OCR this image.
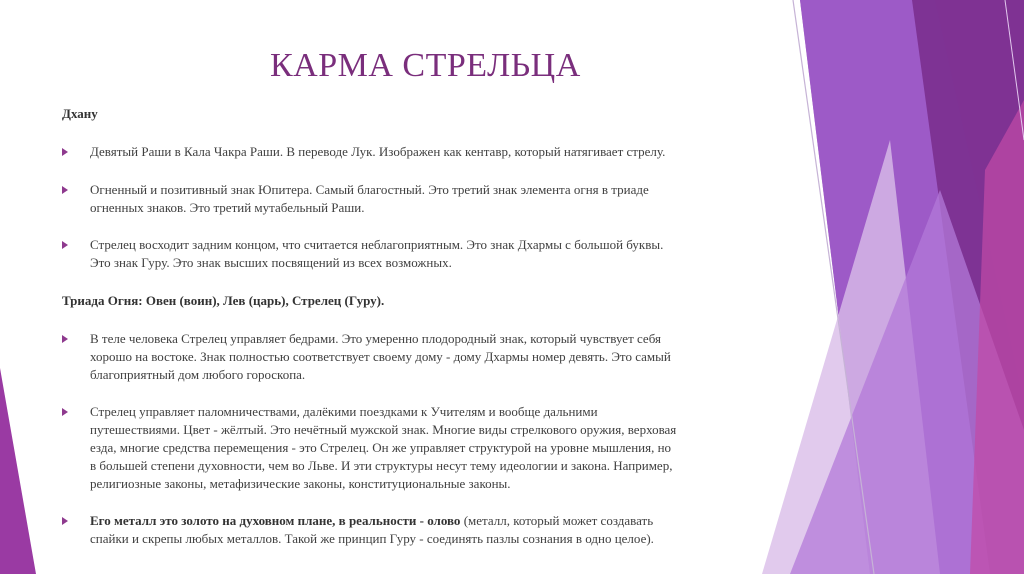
КАРМА СТРЕЛЬЦА
Дхану
Девятый Раши в Кала Чакра Раши. В переводе Лук. Изображен как кентавр, который натягивает стрелу.
Огненный и позитивный знак Юпитера. Самый благостный. Это третий знак элемента огня в триаде
огненных знаков. Это третий мутабельный Раши.
Стрелец восходит задним концом, что считается неблагоприятным. Это знак Дхармы с большой буквы.
Это знак Гуру. Это знак высших посвящений из всех возможных.
Триада Огня: Овен (воин), Лев (царь), Стрелец (Гуру).
В теле человека Стрелец управляет бедрами. Это умеренно плодородный знак, который чувствует себя
хорошо на востоке. Знак полностью соответствует своему дому - дому Дхармы номер девять. Это самый
благоприятный дом любого гороскопа.
Стрелец управляет паломничествами, далёкими поездками к Учителям и вообще дальними
путешествиями. Цвет - жёлтый. Это нечётный мужской знак. Многие виды стрелкового оружия, верховая
езда, многие средства перемещения - это Стрелец. Он же управляет структурой на уровне мышления, но
в большей степени духовности, чем во Льве. И эти структуры несут тему идеологии и закона. Например,
религиозные законы, метафизические законы, конституциональные законы.
Его металл это золото на духовном плане, в реальности - олово (металл, который может создавать
спайки и скрепы любых металлов. Такой же принцип Гуру - соединять пазлы сознания в одно целое).
